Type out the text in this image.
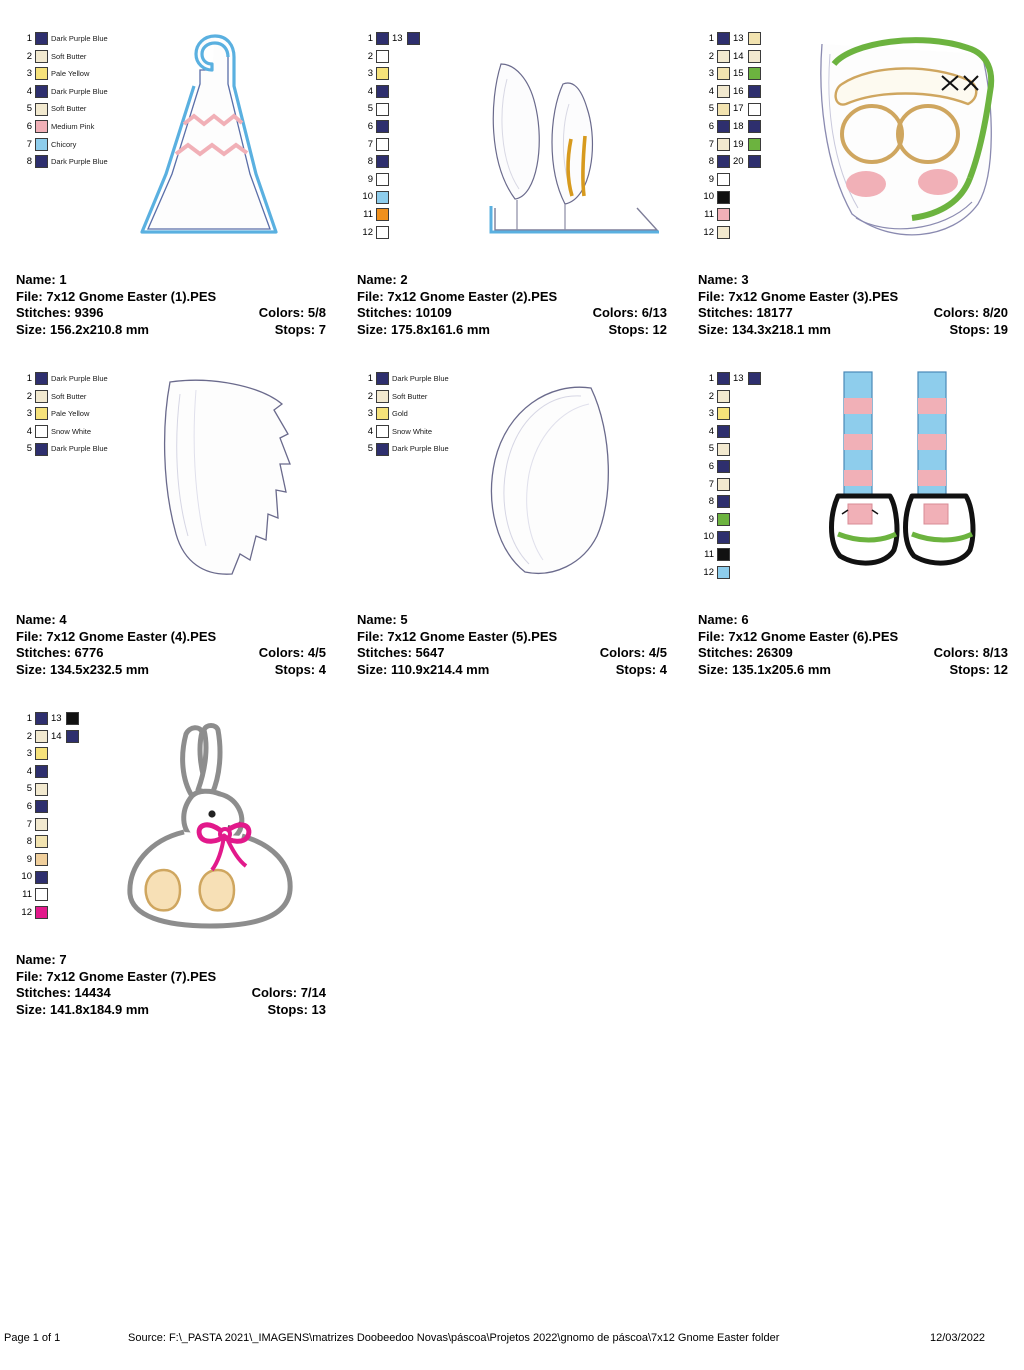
1	Dark Purple Blue
2	Soft Butter
3	Pale Yellow
4	Dark Purple Blue
5	Soft Butter
6	Medium Pink
7	Chicory
8	Dark Purple Blue
Name: 1
File: 7x12 Gnome Easter (1).PES
Stitches: 9396	Colors: 5/8
Size: 156.2x210.8 mm	Stops: 7
1 13
2
3
4
5
6
7
8
9
10
11
12
Name: 2
File: 7x12 Gnome Easter (2).PES
Stitches: 10109	Colors: 6/13
Size: 175.8x161.6 mm	Stops: 12
1 13
2 14
3 15
4 16
5 17
6 18
7 19
8 20
9
10
11
12
Name: 3
File: 7x12 Gnome Easter (3).PES
Stitches: 18177	Colors: 8/20
Size: 134.3x218.1 mm	Stops: 19
1	Dark Purple Blue
2	Soft Butter
3	Pale Yellow
4	Snow White
5	Dark Purple Blue
Name: 4
File: 7x12 Gnome Easter (4).PES
Stitches: 6776	Colors: 4/5
Size: 134.5x232.5 mm	Stops: 4
1	Dark Purple Blue
2	Soft Butter
3	Gold
4	Snow White
5	Dark Purple Blue
Name: 5
File: 7x12 Gnome Easter (5).PES
Stitches: 5647	Colors: 4/5
Size: 110.9x214.4 mm	Stops: 4
1 13
2
3
4
5
6
7
8
9
10
11
12
Name: 6
File: 7x12 Gnome Easter (6).PES
Stitches: 26309	Colors: 8/13
Size: 135.1x205.6 mm	Stops: 12
1 13
2 14
3
4
5
6
7
8
9
10
11
12
Name: 7
File: 7x12 Gnome Easter (7).PES
Stitches: 14434	Colors: 7/14
Size: 141.8x184.9 mm	Stops: 13
Page 1 of 1	Source: F:\_PASTA 2021\_IMAGENS\matrizes Doobeedoo Novas\páscoa\Projetos 2022\gnomo de páscoa\7x12 Gnome Easter folder	12/03/2022
